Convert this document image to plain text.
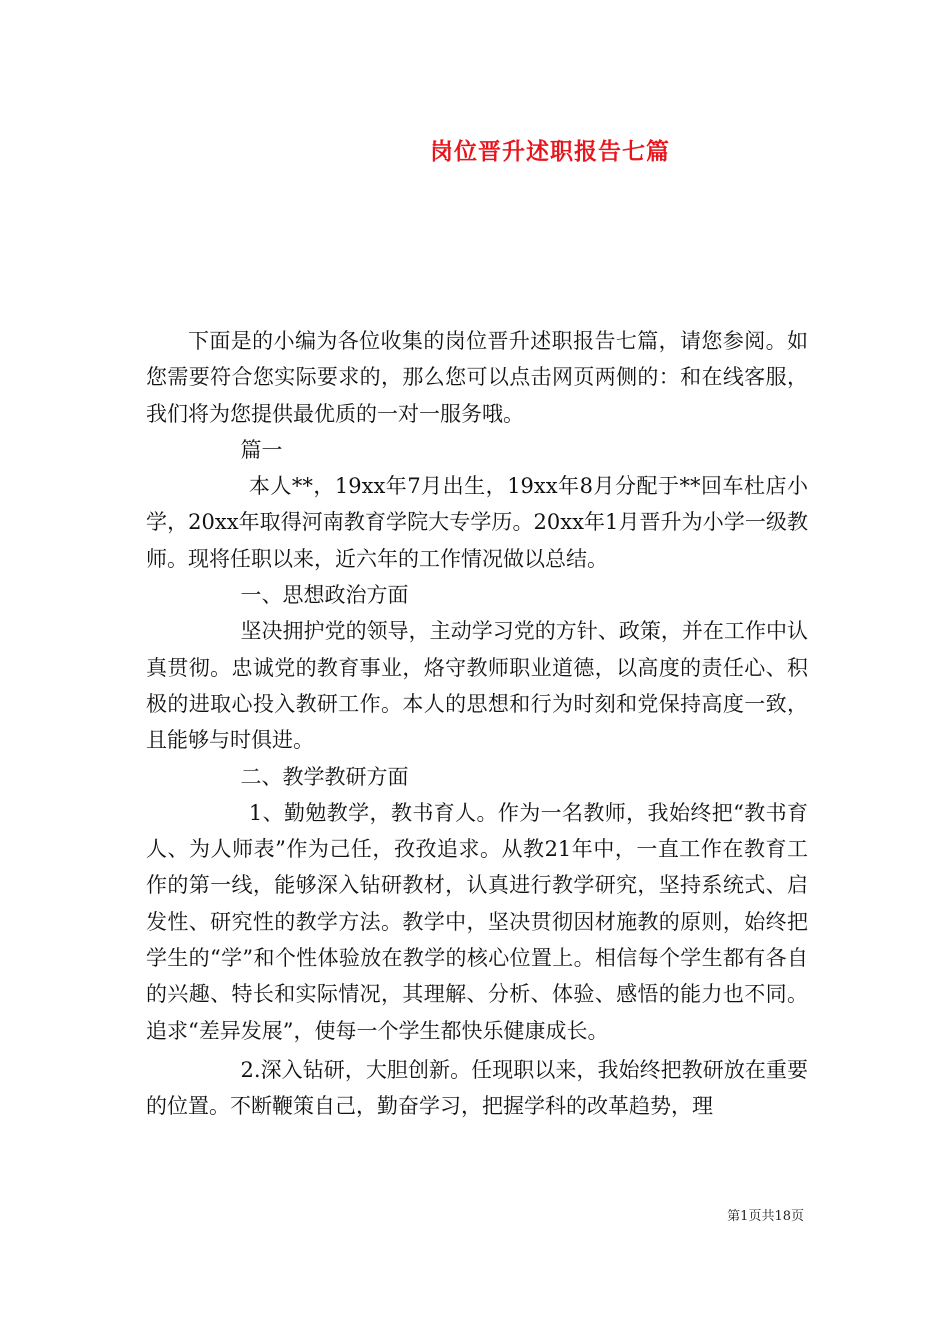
岗位晋升述职报告七篇

下面是的小编为各位收集的岗位晋升述职报告七篇，请您参阅。如您需要符合您实际要求的，那么您可以点击网页两侧的：和在线客服，我们将为您提供最优质的一对一服务哦。

篇一

本人**，19xx年7月出生，19xx年8月分配于**回车杜店小学，20xx年取得河南教育学院大专学历。20xx年1月晋升为小学一级教师。现将任职以来，近六年的工作情况做以总结。

一、思想政治方面

坚决拥护党的领导，主动学习党的方针、政策，并在工作中认真贯彻。忠诚党的教育事业，烙守教师职业道德，以高度的责任心、积极的进取心投入教研工作。本人的思想和行为时刻和党保持高度一致，且能够与时俱进。

二、教学教研方面

1、勤勉教学，教书育人。作为一名教师，我始终把“教书育人、为人师表”作为己任，孜孜追求。从教21年中，一直工作在教育工作的第一线，能够深入钻研教材，认真进行教学研究，坚持系统式、启发性、研究性的教学方法。教学中，坚决贯彻因材施教的原则，始终把学生的“学”和个性体验放在教学的核心位置上。相信每个学生都有各自的兴趣、特长和实际情况，其理解、分析、体验、感悟的能力也不同。追求“差异发展”，使每一个学生都快乐健康成长。

2.深入钻研，大胆创新。任现职以来，我始终把教研放在重要的位置。不断鞭策自己，勤奋学习，把握学科的改革趋势，理

第1页共18页
